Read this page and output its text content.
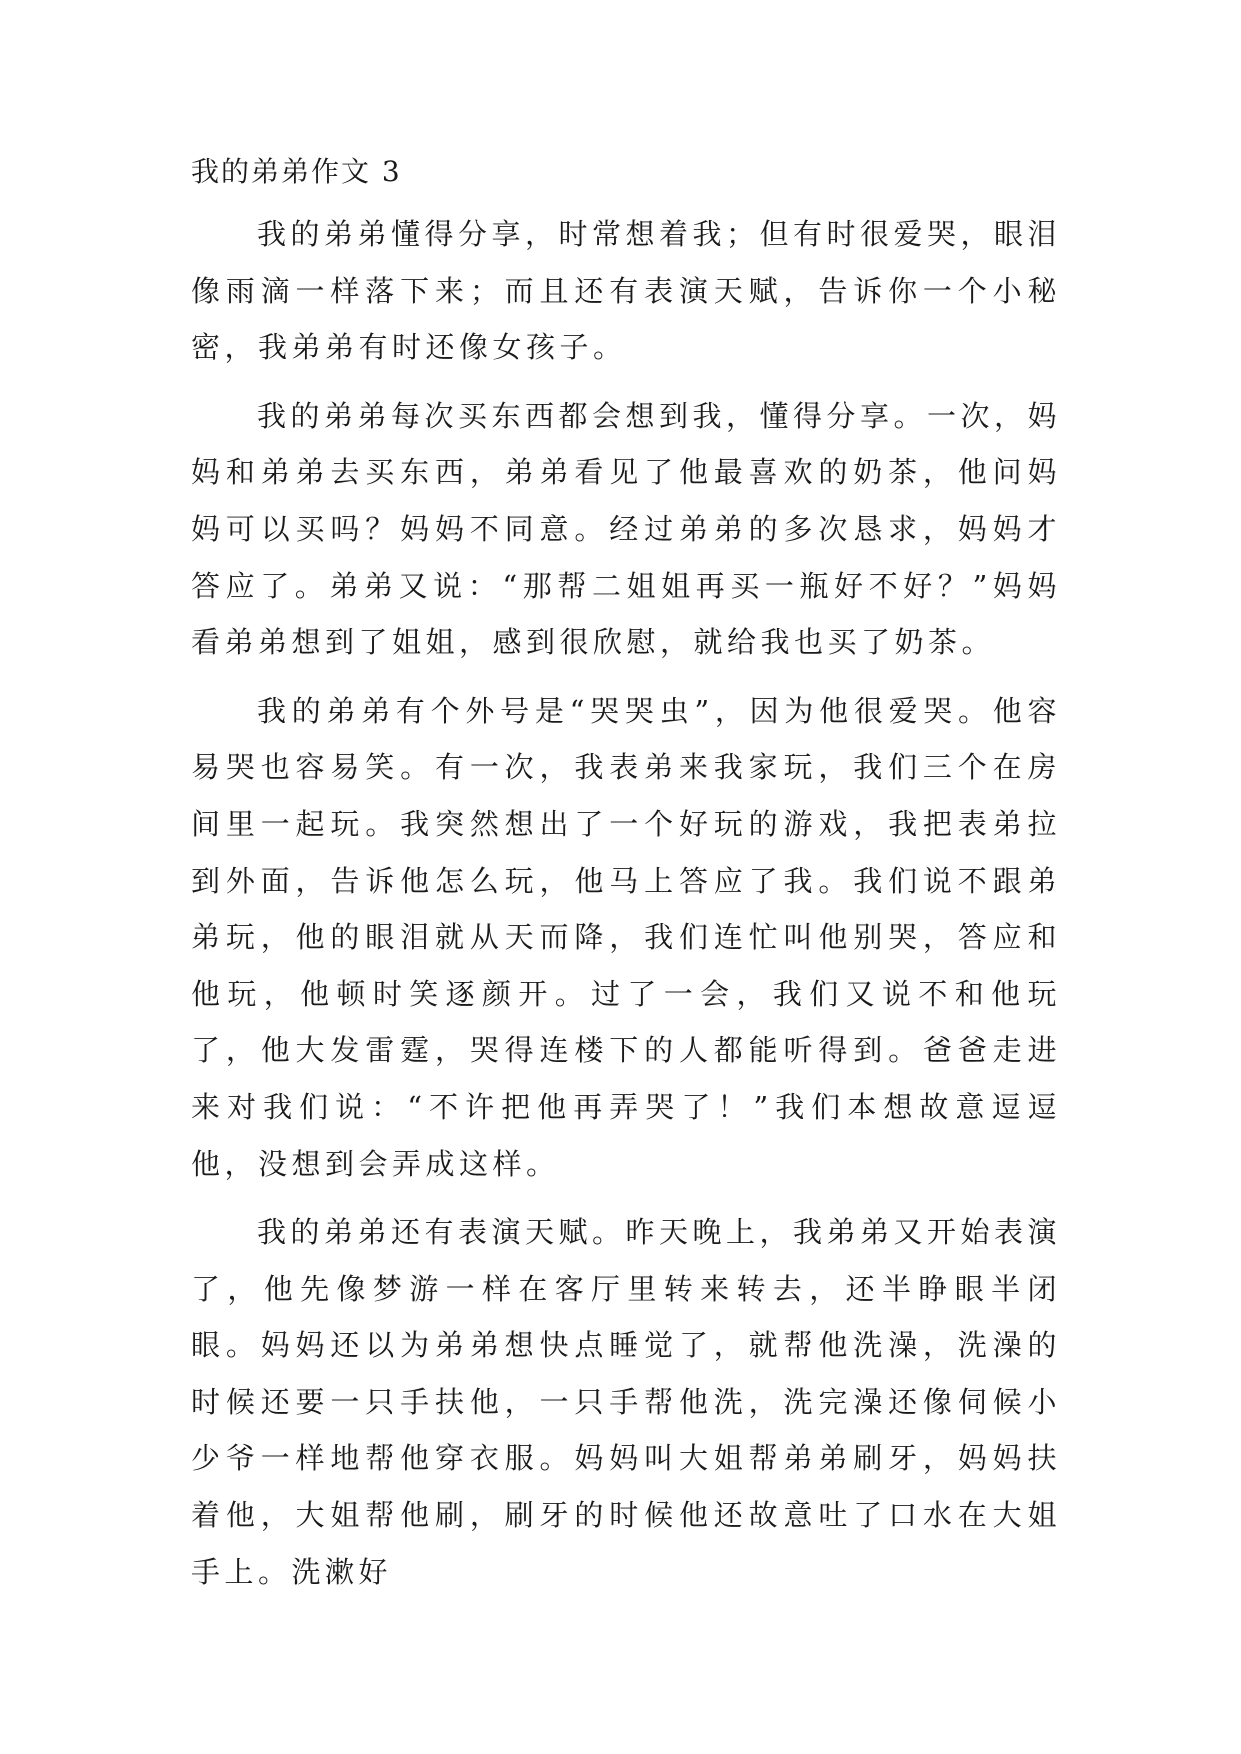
我的弟弟作文 3

我的弟弟懂得分享，时常想着我；但有时很爱哭，眼泪像雨滴一样落下来；而且还有表演天赋，告诉你一个小秘密，我弟弟有时还像女孩子。

我的弟弟每次买东西都会想到我，懂得分享。一次，妈妈和弟弟去买东西，弟弟看见了他最喜欢的奶茶，他问妈妈可以买吗？妈妈不同意。经过弟弟的多次恳求，妈妈才答应了。弟弟又说：“那帮二姐姐再买一瓶好不好？”妈妈看弟弟想到了姐姐，感到很欣慰，就给我也买了奶茶。

我的弟弟有个外号是“哭哭虫”，因为他很爱哭。他容易哭也容易笑。有一次，我表弟来我家玩，我们三个在房间里一起玩。我突然想出了一个好玩的游戏，我把表弟拉到外面，告诉他怎么玩，他马上答应了我。我们说不跟弟弟玩，他的眼泪就从天而降，我们连忙叫他别哭，答应和他玩，他顿时笑逐颜开。过了一会，我们又说不和他玩了，他大发雷霆，哭得连楼下的人都能听得到。爸爸走进来对我们说：“不许把他再弄哭了！”我们本想故意逗逗他，没想到会弄成这样。

我的弟弟还有表演天赋。昨天晚上，我弟弟又开始表演了，他先像梦游一样在客厅里转来转去，还半睁眼半闭眼。妈妈还以为弟弟想快点睡觉了，就帮他洗澡，洗澡的时候还要一只手扶他，一只手帮他洗，洗完澡还像伺候小少爷一样地帮他穿衣服。妈妈叫大姐帮弟弟刷牙，妈妈扶着他，大姐帮他刷，刷牙的时候他还故意吐了口水在大姐手上。洗漱好
